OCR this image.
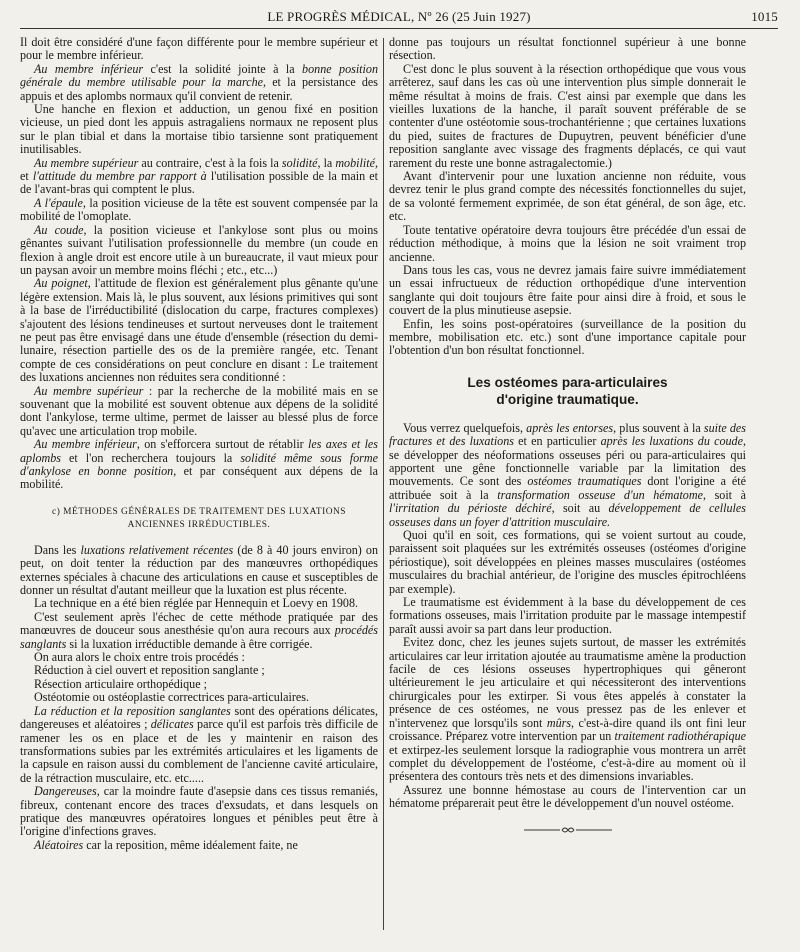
LE PROGRÈS MÉDICAL, Nº 26 (25 Juin 1927)	1015

Il doit être considéré d'une façon différente pour le membre supérieur et pour le membre inférieur.

Au membre inférieur c'est la solidité jointe à la bonne position générale du membre utilisable pour la marche, et la persistance des appuis et des aplombs normaux qu'il convient de retenir.

Une hanche en flexion et adduction, un genou fixé en position vicieuse, un pied dont les appuis astragaliens normaux ne reposent plus sur le plan tibial et dans la mortaise tibio tarsienne sont pratiquement inutilisables.

Au membre supérieur au contraire, c'est à la fois la solidité, la mobilité, et l'attitude du membre par rapport à l'utilisation possible de la main et de l'avant-bras qui comptent le plus.

A l'épaule, la position vicieuse de la tête est souvent compensée par la mobilité de l'omoplate.

Au coude, la position vicieuse et l'ankylose sont plus ou moins gênantes suivant l'utilisation professionnelle du membre (un coude en flexion à angle droit est encore utile à un bureaucrate, il vaut mieux pour un paysan avoir un membre moins fléchi ; etc., etc...)

Au poignet, l'attitude de flexion est généralement plus gênante qu'une légère extension. Mais là, le plus souvent, aux lésions primitives qui sont à la base de l'irréductibilité (dislocation du carpe, fractures complexes) s'ajoutent des lésions tendineuses et surtout nerveuses dont le traitement ne peut pas être envisagé dans une étude d'ensemble (résection du demi-lunaire, résection partielle des os de la première rangée, etc. Tenant compte de ces considérations on peut conclure en disant : Le traitement des luxations anciennes non réduites sera conditionné :

Au membre supérieur : par la recherche de la mobilité mais en se souvenant que la mobilité est souvent obtenue aux dépens de la solidité dont l'ankylose, terme ultime, permet de laisser au blessé plus de force qu'avec une articulation trop mobile.

Au membre inférieur, on s'efforcera surtout de rétablir les axes et les aplombs et l'on recherchera toujours la solidité même sous forme d'ankylose en bonne position, et par conséquent aux dépens de la mobilité.

c) MÉTHODES GÉNÉRALES DE TRAITEMENT DES LUXATIONS
ANCIENNES IRRÉDUCTIBLES.

Dans les luxations relativement récentes (de 8 à 40 jours environ) on peut, on doit tenter la réduction par des manœuvres orthopédiques externes spéciales à chacune des articulations en cause et susceptibles de donner un résultat d'autant meilleur que la luxation est plus récente.

La technique en a été bien réglée par Hennequin et Loevy en 1908.

C'est seulement après l'échec de cette méthode pratiquée par des manœuvres de douceur sous anesthésie qu'on aura recours aux procédés sanglants si la luxation irréductible demande à être corrigée.

On aura alors le choix entre trois procédés :

Réduction à ciel ouvert et reposition sanglante ;

Résection articulaire orthopédique ;

Ostéotomie ou ostéoplastie correctrices para-articulaires.

La réduction et la reposition sanglantes sont des opérations délicates, dangereuses et aléatoires ; délicates parce qu'il est parfois très difficile de ramener les os en place et de les y maintenir en raison des transformations subies par les extrémités articulaires et les ligaments de la capsule en raison aussi du comblement de l'ancienne cavité articulaire, de la rétraction musculaire, etc. etc.....

Dangereuses, car la moindre faute d'asepsie dans ces tissus remaniés, fibreux, contenant encore des traces d'exsudats, et dans lesquels on pratique des manœuvres opératoires longues et pénibles peut être à l'origine d'infections graves.

Aléatoires car la reposition, même idéalement faite, ne

donne pas toujours un résultat fonctionnel supérieur à une bonne résection.

C'est donc le plus souvent à la résection orthopédique que vous vous arrêterez, sauf dans les cas où une intervention plus simple donnerait le même résultat à moins de frais. C'est ainsi par exemple que dans les vieilles luxations de la hanche, il paraît souvent préférable de se contenter d'une ostéotomie sous-trochantérienne ; que certaines luxations du pied, suites de fractures de Dupuytren, peuvent bénéficier d'une reposition sanglante avec vissage des fragments déplacés, ce qui vaut rarement du reste une bonne astragalectomie.)

Avant d'intervenir pour une luxation ancienne non réduite, vous devrez tenir le plus grand compte des nécessités fonctionnelles du sujet, de sa volonté fermement exprimée, de son état général, de son âge, etc. etc.

Toute tentative opératoire devra toujours être précédée d'un essai de réduction méthodique, à moins que la lésion ne soit vraiment trop ancienne.

Dans tous les cas, vous ne devrez jamais faire suivre immédiatement un essai infructueux de réduction orthopédique d'une intervention sanglante qui doit toujours être faite pour ainsi dire à froid, et sous le couvert de la plus minutieuse asepsie.

Enfin, les soins post-opératoires (surveillance de la position du membre, mobilisation etc. etc.) sont d'une importance capitale pour l'obtention d'un bon résultat fonctionnel.

Les ostéomes para-articulaires
d'origine traumatique.

Vous verrez quelquefois, après les entorses, plus souvent à la suite des fractures et des luxations et en particulier après les luxations du coude, se développer des néoformations osseuses péri ou para-articulaires qui apportent une gêne fonctionnelle variable par la limitation des mouvements. Ce sont des ostéomes traumatiques dont l'origine a été attribuée soit à la transformation osseuse d'un hématome, soit à l'irritation du périoste déchiré, soit au développement de cellules osseuses dans un foyer d'attrition musculaire.

Quoi qu'il en soit, ces formations, qui se voient surtout au coude, paraissent soit plaquées sur les extrémités osseuses (ostéomes d'origine périostique), soit développées en pleines masses musculaires (ostéomes musculaires du brachial antérieur, de l'origine des muscles épitrochléens par exemple).

Le traumatisme est évidemment à la base du développement de ces formations osseuses, mais l'irritation produite par le massage intempestif paraît aussi avoir sa part dans leur production.

Evitez donc, chez les jeunes sujets surtout, de masser les extrémités articulaires car leur irritation ajoutée au traumatisme amène la production facile de ces lésions osseuses hypertrophiques qui gêneront ultérieurement le jeu articulaire et qui nécessiteront des interventions chirurgicales pour les extirper. Si vous êtes appelés à constater la présence de ces ostéomes, ne vous pressez pas de les enlever et n'intervenez que lorsqu'ils sont mûrs, c'est-à-dire quand ils ont fini leur croissance. Préparez votre intervention par un traitement radiothérapique et extirpez-les seulement lorsque la radiographie vous montrera un arrêt complet du développement de l'ostéome, c'est-à-dire au moment où il présentera des contours très nets et des dimensions invariables.

Assurez une bonnne hémostase au cours de l'intervention car un hématome préparerait peut être le développement d'un nouvel ostéome.
